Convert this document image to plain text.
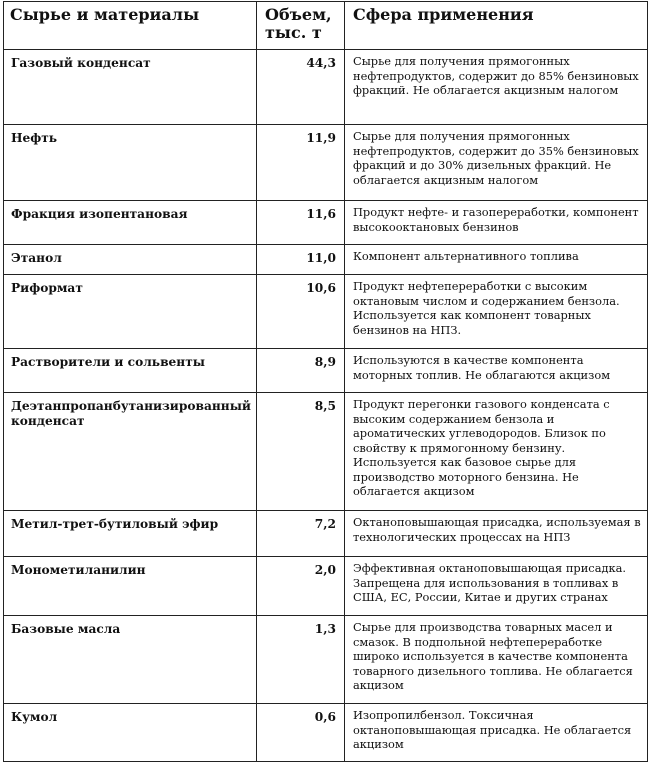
Сырье и материалы	Объем, тыс. т	Сфера применения
Газовый конденсат	44,3	Сырье для получения прямогонных нефтепродуктов, содержит до 85% бензиновых фракций. Не облагается акцизным налогом
Нефть	11,9	Сырье для получения прямогонных нефтепродуктов, содержит до 35% бензиновых фракций и до 30% дизельных фракций. Не облагается акцизным налогом
Фракция изопентановая	11,6	Продукт нефте- и газопереработки, компонент высокооктановых бензинов
Этанол	11,0	Компонент альтернативного топлива
Риформат	10,6	Продукт нефтепереработки с высоким октановым числом и содержанием бензола. Используется как компонент товарных бензинов на НПЗ.
Растворители и сольвенты	8,9	Используются в качестве компонента моторных топлив. Не облагаются акцизом
Деэтанпропанбутанизированный конденсат	8,5	Продукт перегонки газового конденсата с высоким содержанием бензола и ароматических углеводородов. Близок по свойству к прямогонному бензину. Используется как базовое сырье для производство моторного бензина. Не облагается акцизом
Метил-трет-бутиловый эфир	7,2	Октаноповышающая присадка, используемая в технологических процессах на НПЗ
Монометиланилин	2,0	Эффективная октаноповышающая присадка. Запрещена для использования в топливах в США, ЕС, России, Китае и других странах
Базовые масла	1,3	Сырье для производства товарных масел и смазок. В подпольной нефтепереработке широко используется в качестве компонента товарного дизельного топлива. Не облагается акцизом
Кумол	0,6	Изопропилбензол. Токсичная октаноповышающая присадка. Не облагается акцизом
